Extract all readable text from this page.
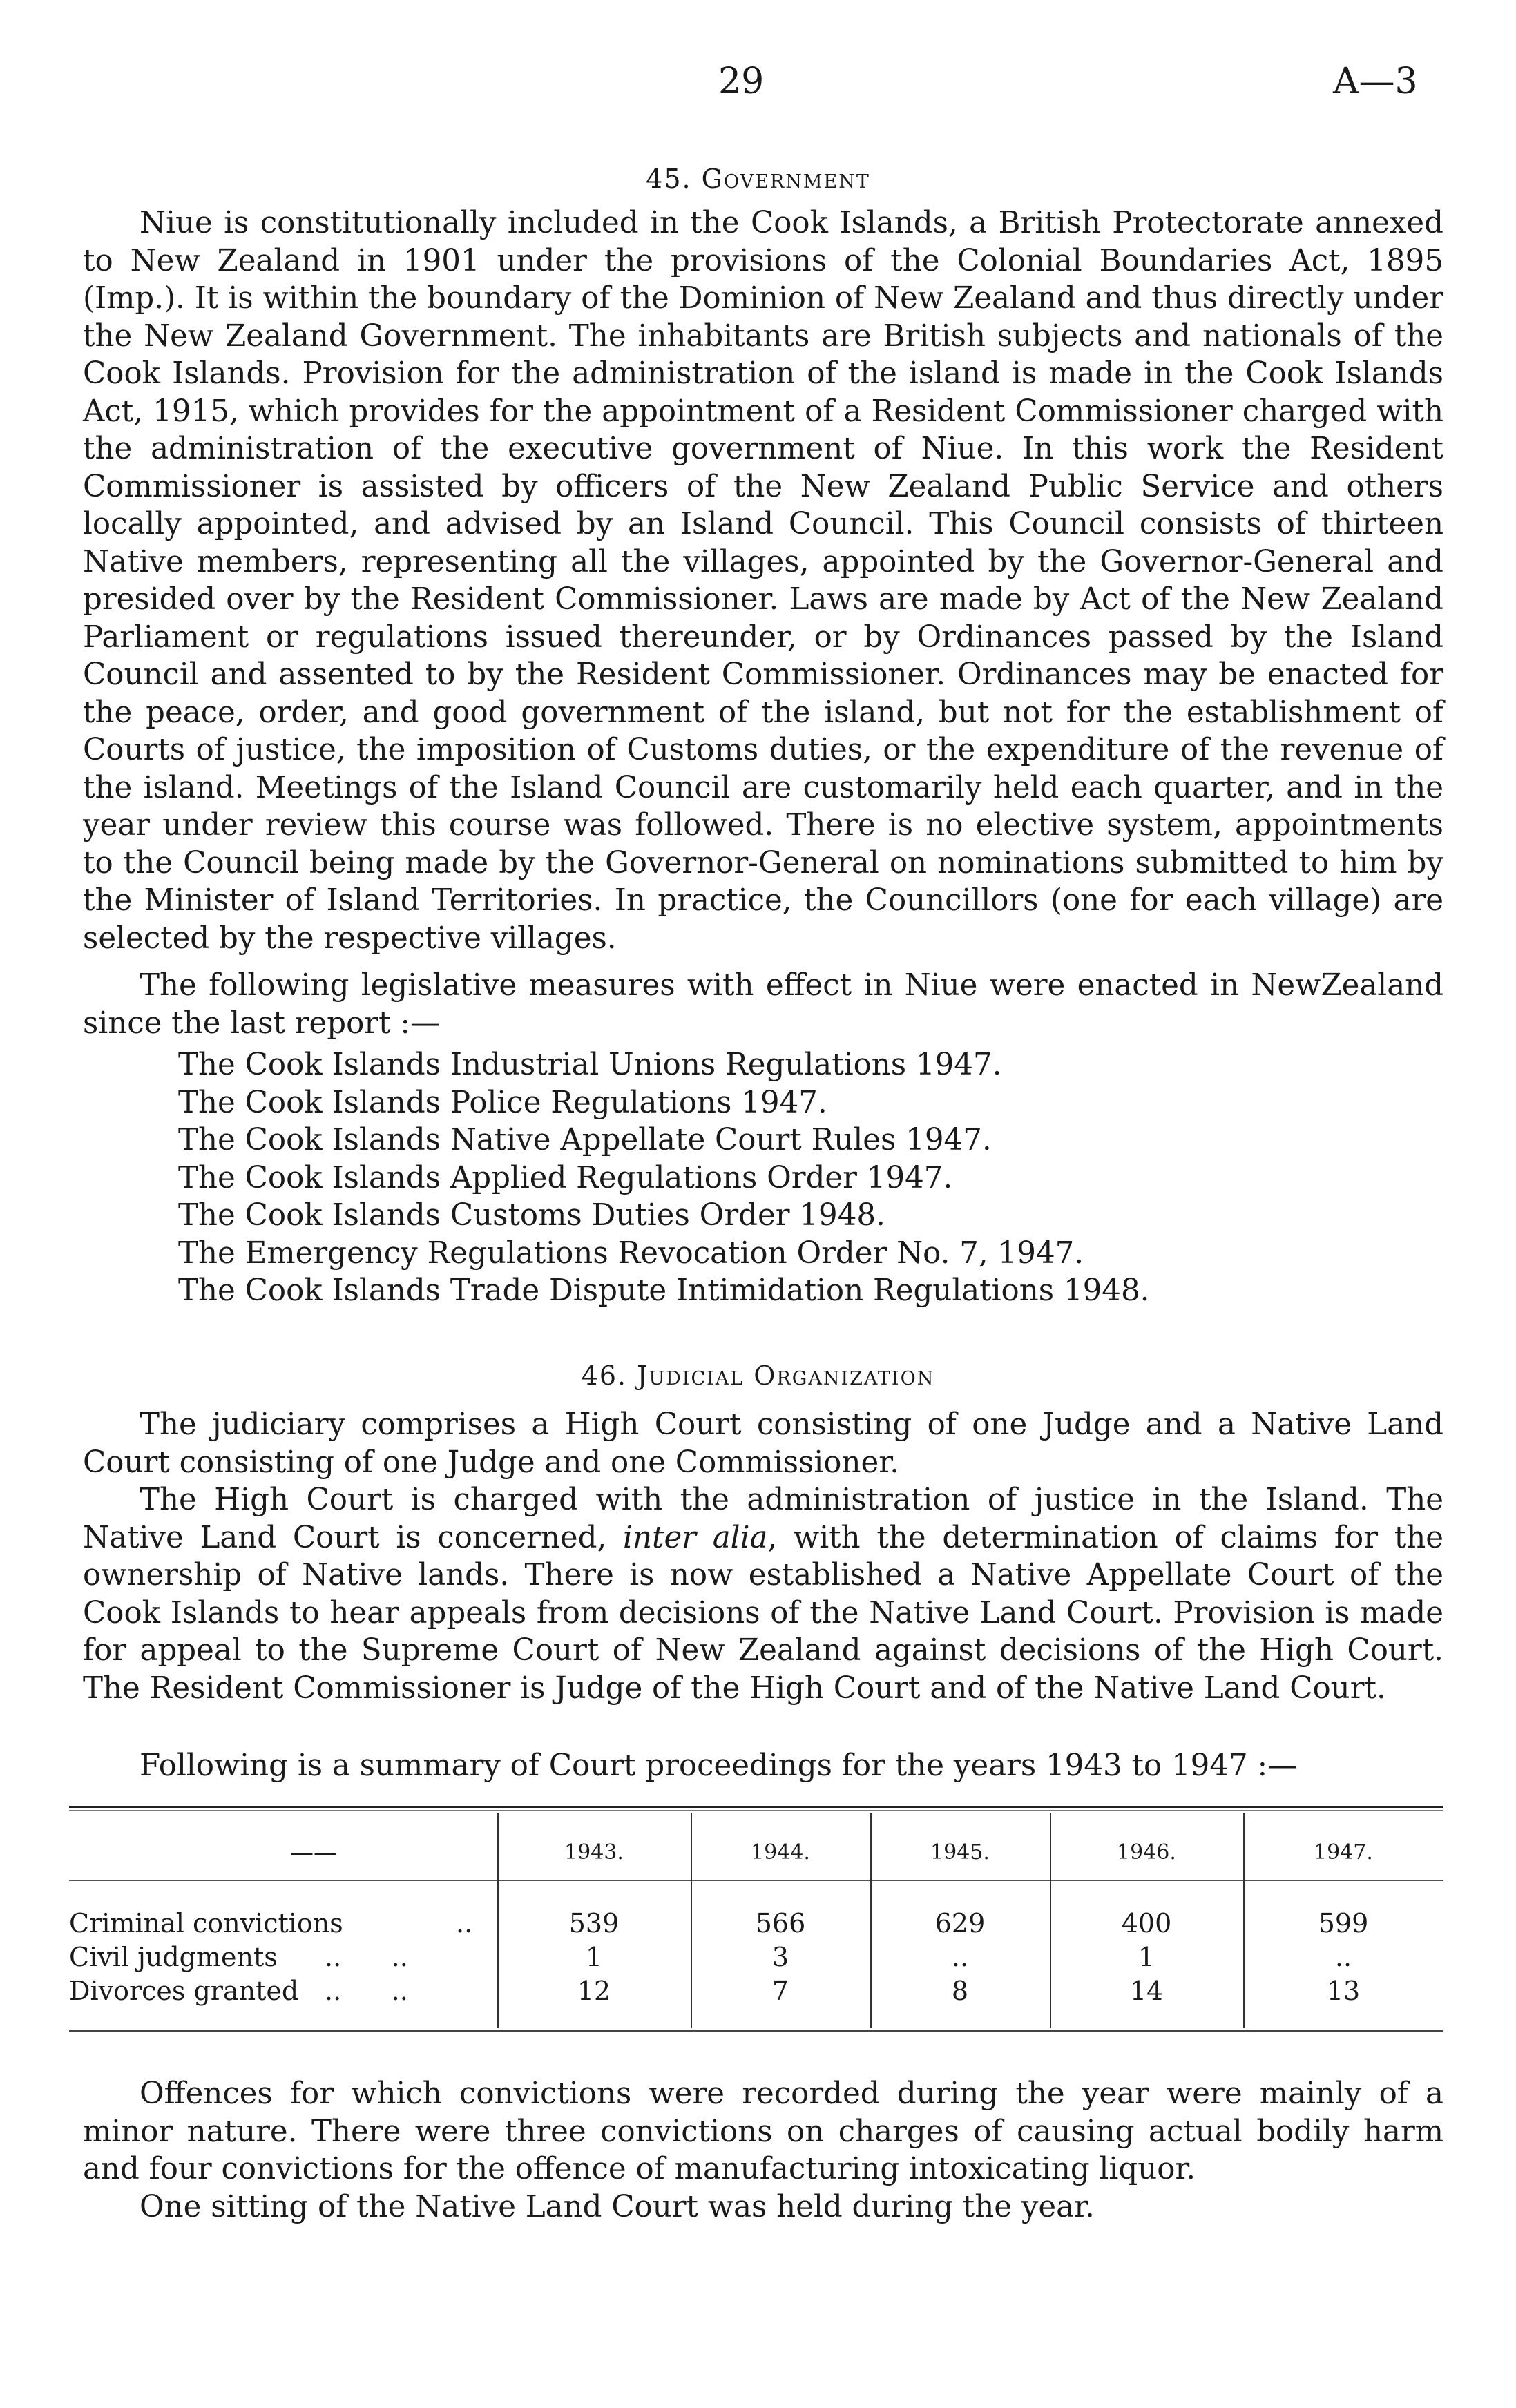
29	A—3
45. Government

Niue is constitutionally included in the Cook Islands, a British Protectorate annexed to New Zealand in 1901 under the provisions of the Colonial Boundaries Act, 1895 (Imp.). It is within the boundary of the Dominion of New Zealand and thus directly under the New Zealand Government. The inhabitants are British subjects and nationals of the Cook Islands. Provision for the administration of the island is made in the Cook Islands Act, 1915, which provides for the appointment of a Resident Commissioner charged with the administration of the executive government of Niue. In this work the Resident Commissioner is assisted by officers of the New Zealand Public Service and others locally appointed, and advised by an Island Council. This Council consists of thirteen Native members, representing all the villages, appointed by the Governor-General and presided over by the Resident Commissioner. Laws are made by Act of the New Zealand Parliament or regulations issued thereunder, or by Ordinances passed by the Island Council and assented to by the Resident Commissioner. Ordinances may be enacted for the peace, order, and good government of the island, but not for the establishment of Courts of justice, the imposition of Customs duties, or the expenditure of the revenue of the island. Meetings of the Island Council are customarily held each quarter, and in the year under review this course was followed. There is no elective system, appointments to the Council being made by the Governor-General on nominations submitted to him by the Minister of Island Territories. In practice, the Councillors (one for each village) are selected by the respective villages.

The following legislative measures with effect in Niue were enacted in NewZealand since the last report :—

The Cook Islands Industrial Unions Regulations 1947.
The Cook Islands Police Regulations 1947.
The Cook Islands Native Appellate Court Rules 1947.
The Cook Islands Applied Regulations Order 1947.
The Cook Islands Customs Duties Order 1948.
The Emergency Regulations Revocation Order No. 7, 1947.
The Cook Islands Trade Dispute Intimidation Regulations 1948.
46. Judicial Organization

The judiciary comprises a High Court consisting of one Judge and a Native Land Court consisting of one Judge and one Commissioner.

The High Court is charged with the administration of justice in the Island. The Native Land Court is concerned, inter alia, with the determination of claims for the ownership of Native lands. There is now established a Native Appellate Court of the Cook Islands to hear appeals from decisions of the Native Land Court. Provision is made for appeal to the Supreme Court of New Zealand against decisions of the High Court. The Resident Commissioner is Judge of the High Court and of the Native Land Court.

Following is a summary of Court proceedings for the years 1943 to 1947 :—

——	1943.	1944.	1945.	1946.	1947.
Criminal convictions	..	539	566	629	400	599
Civil judgments ..      ..	1	3	..	1	..
Divorces granted ..      ..	12	7	8	14	13

Offences for which convictions were recorded during the year were mainly of a minor nature. There were three convictions on charges of causing actual bodily harm and four convictions for the offence of manufacturing intoxicating liquor.

One sitting of the Native Land Court was held during the year.
